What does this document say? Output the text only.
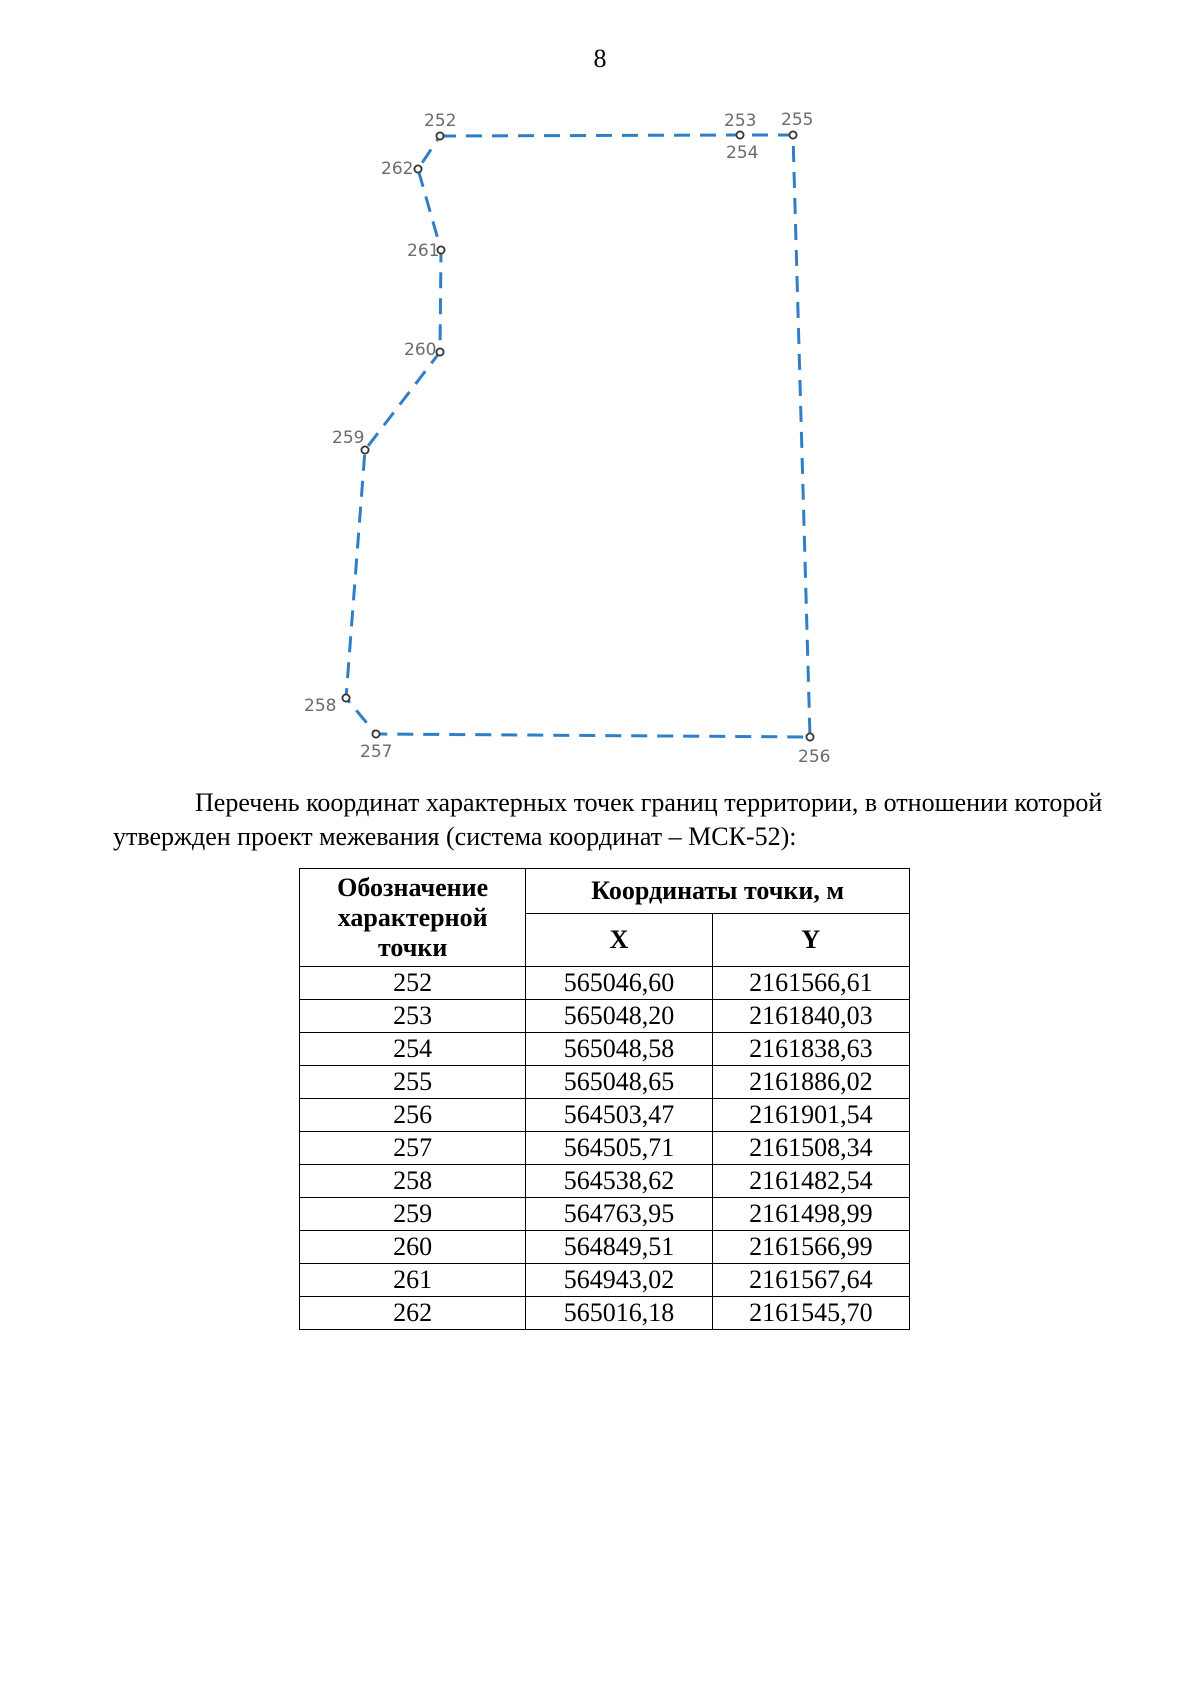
8
252	253
254
255
256
257
258
259
260
261
262

Перечень координат характерных точек границ территории, в отношении которой утвержден проект межевания (система координат – МСК-52):

Обозначение характерной точки	Координаты точки, м	
	X	Y
252	565046,60	2161566,61
253	565048,20	2161840,03
254	565048,58	2161838,63
255	565048,65	2161886,02
256	564503,47	2161901,54
257	564505,71	2161508,34
258	564538,62	2161482,54
259	564763,95	2161498,99
260	564849,51	2161566,99
261	564943,02	2161567,64
262	565016,18	2161545,70
